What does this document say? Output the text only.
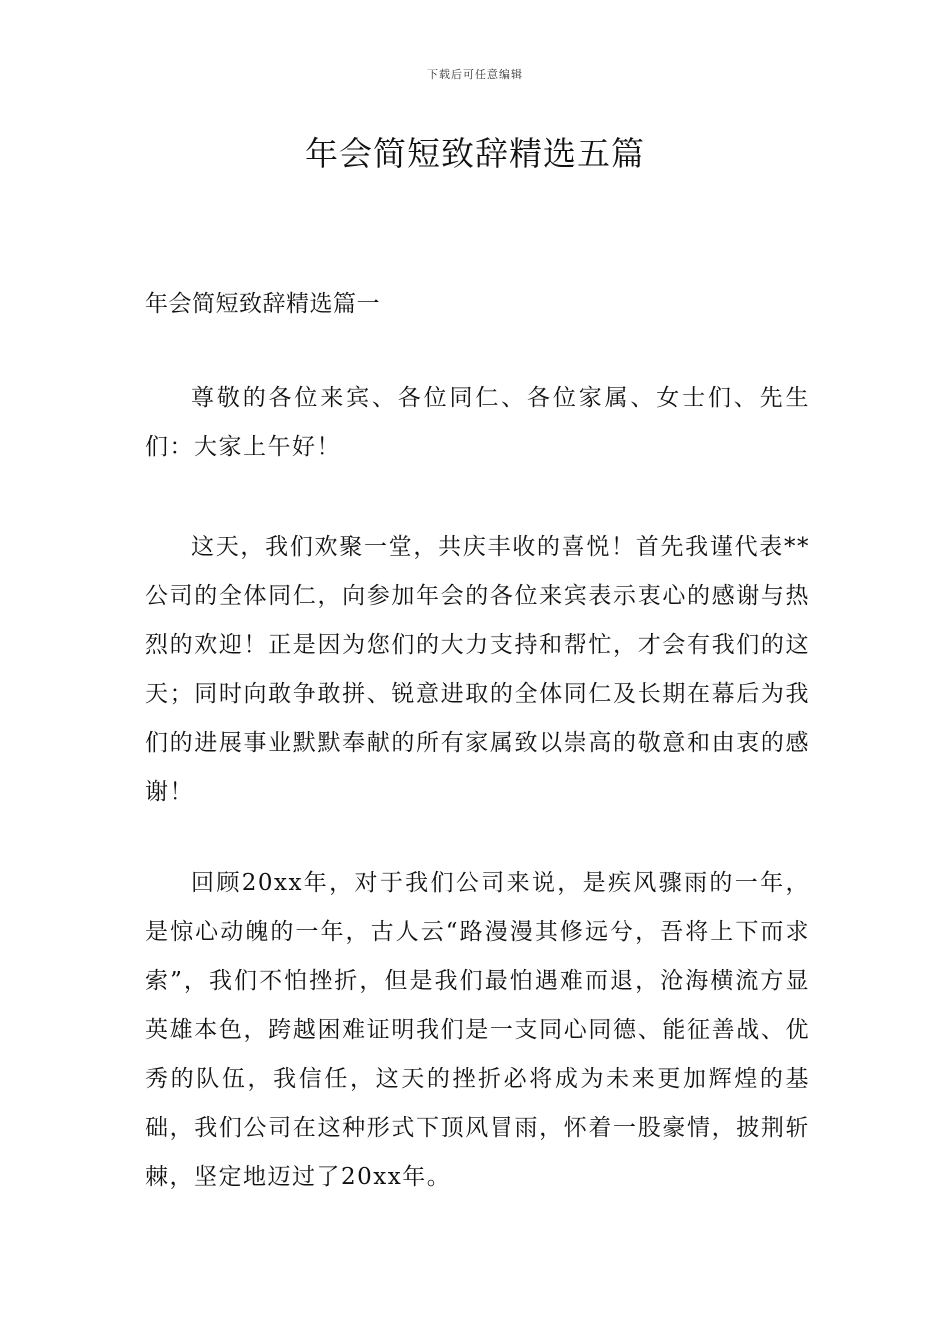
下载后可任意编辑
年会简短致辞精选五篇
年会简短致辞精选篇一

尊敬的各位来宾、各位同仁、各位家属、女士们、先生们：大家上午好！

这天，我们欢聚一堂，共庆丰收的喜悦！首先我谨代表**公司的全体同仁，向参加年会的各位来宾表示衷心的感谢与热烈的欢迎！正是因为您们的大力支持和帮忙，才会有我们的这天；同时向敢争敢拼、锐意进取的全体同仁及长期在幕后为我们的进展事业默默奉献的所有家属致以崇高的敬意和由衷的感谢！

回顾20xx年，对于我们公司来说，是疾风骤雨的一年，是惊心动魄的一年，古人云“路漫漫其修远兮，吾将上下而求索”，我们不怕挫折，但是我们最怕遇难而退，沧海横流方显英雄本色，跨越困难证明我们是一支同心同德、能征善战、优秀的队伍，我信任，这天的挫折必将成为未来更加辉煌的基础，我们公司在这种形式下顶风冒雨，怀着一股豪情，披荆斩棘，坚定地迈过了20xx年。
